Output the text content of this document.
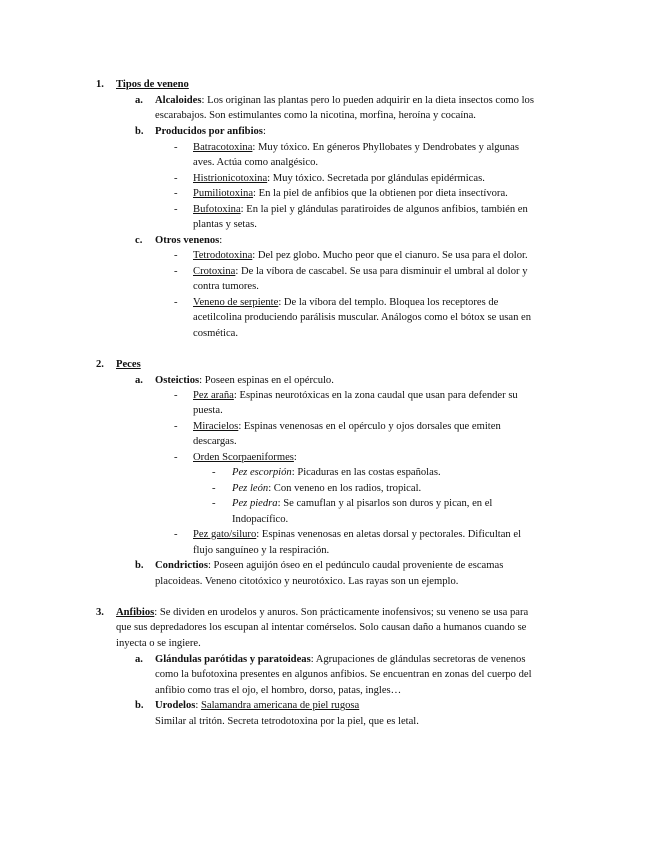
1. Tipos de veneno
a. Alcaloides: Los originan las plantas pero lo pueden adquirir en la dieta insectos como los
escarabajos. Son estimulantes como la nicotina, morfina, heroína y cocaína.
b. Producidos por anfibios:
- Batracotoxina: Muy tóxico. En géneros Phyllobates y Dendrobates y algunas
aves. Actúa como analgésico.
- Histrionicotoxina: Muy tóxico. Secretada por glándulas epidérmicas.
- Pumiliotoxina: En la piel de anfibios que la obtienen por dieta insectívora.
- Bufotoxina: En la piel y glándulas paratiroides de algunos anfibios, también en
plantas y setas.
c. Otros venenos:
- Tetrodotoxina: Del pez globo. Mucho peor que el cianuro. Se usa para el dolor.
- Crotoxina: De la víbora de cascabel. Se usa para disminuir el umbral al dolor y
contra tumores.
- Veneno de serpiente: De la víbora del templo. Bloquea los receptores de
acetilcolina produciendo parálisis muscular. Análogos como el bótox se usan en
cosmética.
2. Peces
a. Osteictios: Poseen espinas en el opérculo.
- Pez araña: Espinas neurotóxicas en la zona caudal que usan para defender su
puesta.
- Miracielos: Espinas venenosas en el opérculo y ojos dorsales que emiten
descargas.
- Orden Scorpaeniformes:
- Pez escorpión: Picaduras en las costas españolas.
- Pez león: Con veneno en los radios, tropical.
- Pez piedra: Se camuflan y al pisarlos son duros y pican, en el
Indopacífico.
- Pez gato/siluro: Espinas venenosas en aletas dorsal y pectorales. Dificultan el
flujo sanguíneo y la respiración.
b. Condrictios: Poseen aguijón óseo en el pedúnculo caudal proveniente de escamas
placoideas. Veneno citotóxico y neurotóxico. Las rayas son un ejemplo.
3. Anfibios: Se dividen en urodelos y anuros. Son prácticamente inofensivos; su veneno se usa para
que sus depredadores los escupan al intentar comérselos. Solo causan daño a humanos cuando se
inyecta o se ingiere.
a. Glándulas parótidas y paratoideas: Agrupaciones de glándulas secretoras de venenos
como la bufotoxina presentes en algunos anfibios. Se encuentran en zonas del cuerpo del
anfibio como tras el ojo, el hombro, dorso, patas, ingles…
b. Urodelos: Salamandra americana de piel rugosa
Similar al tritón. Secreta tetrodotoxina por la piel, que es letal.
